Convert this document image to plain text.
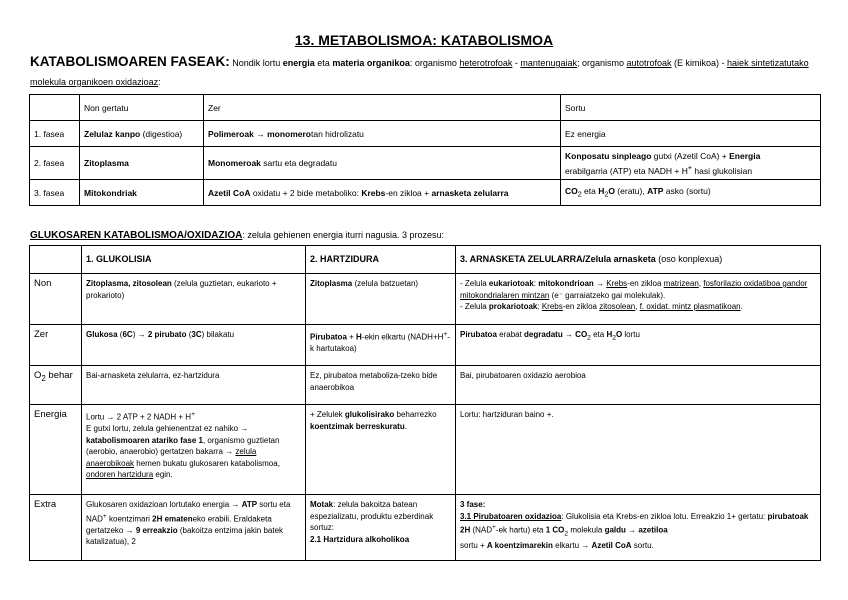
13. METABOLISMOA: KATABOLISMOA
KATABOLISMOAREN FASEAK: Nondik lortu energia eta materia organikoa: organismo heterotrofoak - mantenugaiak; organismo autotrofoak (E kimikoa) - haiek sintetizatutako molekula organikoen oxidazioaz:
	Non gertatu	Zer	Sortu
1. fasea	Zelulaz kanpo (digestioa)	Polimeroak → monomerotan hidrolizatu	Ez energia
2. fasea	Zitoplasma	Monomeroak sartu eta degradatu	Konposatu sinpleago gutxi (Azetil CoA) + Energia
erabilgarria (ATP) eta NADH + H+ hasi glukolisian
3. fasea	Mitokondriak	Azetil CoA oxidatu + 2 bide metaboliko: Krebs-en zikloa + arnasketa zelularra	$CO_2$ eta $H_2O$ (eratu), ATP asko (sortu)
GLUKOSAREN KATABOLISMOA/OXIDAZIOA: zelula gehienen energia iturri nagusia. 3 prozesu:
	1. GLUKOLISIA	2. HARTZIDURA	3. ARNASKETA ZELULARRA/Zelula arnasketa (oso konplexua)
Non	Zitoplasma, zitosolean (zelula guztietan, eukarioto + prokarioto)	Zitoplasma (zelula batzuetan)	- Zelula eukariotoak: mitokondrioan → Krebs-en zikloa matrizean, fosforilazio oxidatiboa gandor mitokondrialaren mintzan (e⁻ garraiatzeko gai molekulak).
- Zelula prokariotoak: Krebs-en zikloa zitosolean, f. oxidat. mintz plasmatikoan.
Zer	Glukosa (6C) → 2 pirubato (3C) bilakatu	Pirubatoa + H-ekin elkartu (NADH+H+-k hartutakoa)	Pirubatoa erabat degradatu → $CO_2$ eta $H_2O$ lortu
$O_2$ behar	Bai-arnasketa zelularra, ez-hartzidura	Ez, pirubatoa metaboliza-tzeko bide anaerobikoa	Bai, pirubatoaren oxidazio aerobioa
Energia	Lortu → 2 ATP + 2 NADH + H+
E gutxi lortu, zelula gehienentzat ez nahiko → katabolismoaren atariko fase 1, organismo guztietan (aerobio, anaerobio) gertatzen bakarra → zelula anaerobikoak hemen bukatu glukosaren katabolismoa, ondoren hartzidura egin.	+ Zelulek glukolisirako beharrezko koentzimak berreskuratu.	Lortu: hartziduran baino +.
Extra	Glukosaren oxidazioan lortutako energia → ATP sortu eta NAD+ koentzimari 2H emateneko erabili. Eraldaketa gertatzeko → 9 erreakzio (bakoitza entzima jakin batek katalizatua), 2	Motak: zelula bakoitza batean espezializatu, produktu ezberdinak sortuz:
2.1 Hartzidura alkoholikoa	3 fase:
3.1 Pirubatoaren oxidazioa: Glukolisia eta Krebs-en zikloa lotu. Erreakzio 1+ gertatu: pirubatoak 2H (NAD+-ek hartu) eta 1 $CO_2$ molekula galdu → azetiloa
sortu + A koentzimarekin elkartu → Azetil CoA sortu.
